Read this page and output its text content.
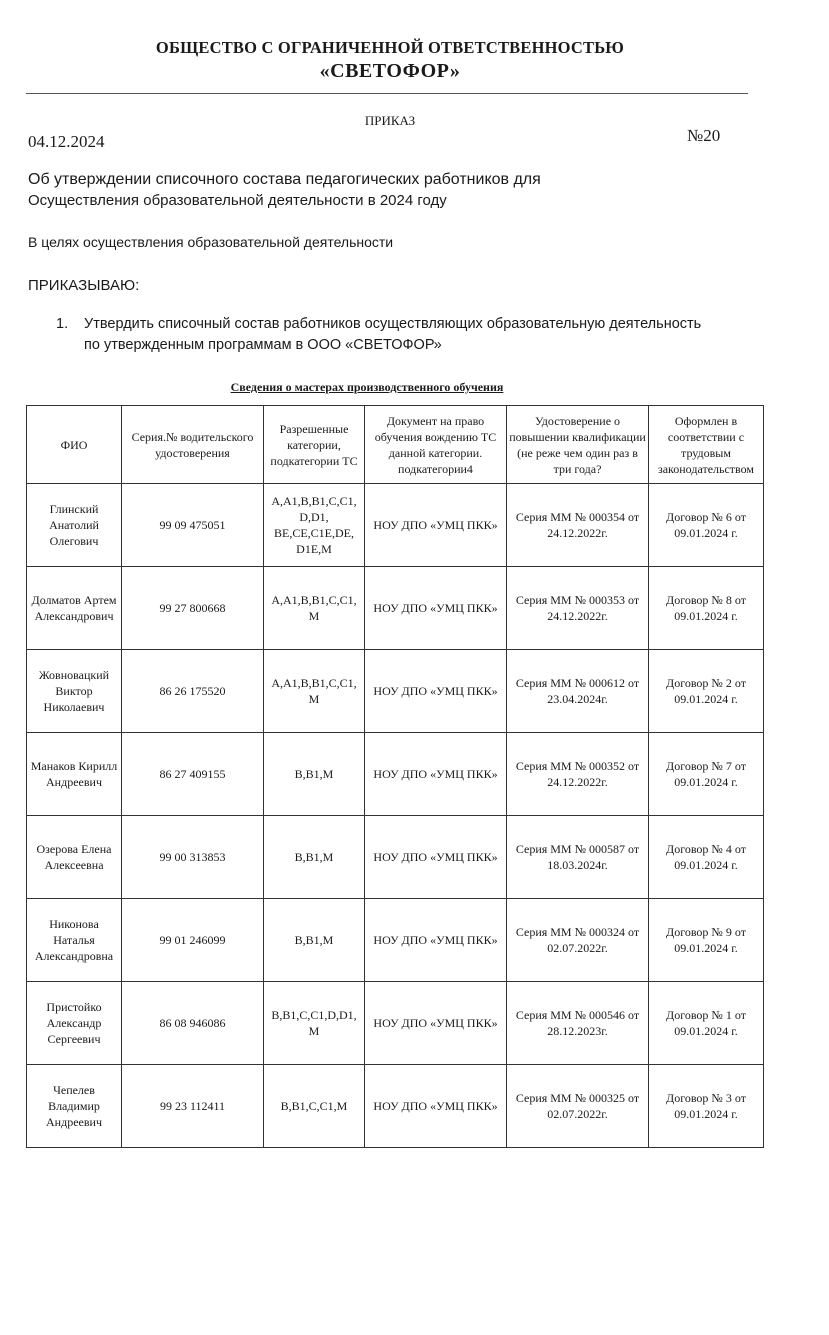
ОБЩЕСТВО С ОГРАНИЧЕННОЙ ОТВЕТСТВЕННОСТЬЮ
«СВЕТОФОР»
ПРИКАЗ
04.12.2024	№20
Об утверждении списочного состава педагогических работников для
Осуществления образовательной деятельности в 2024 году
В целях осуществления образовательной деятельности
ПРИКАЗЫВАЮ:
1. Утвердить списочный состав работников осуществляющих образовательную деятельность
по утвержденным программам в ООО «СВЕТОФОР»
Сведения о мастерах производственного обучения
ФИО	Серия.№ водительского удостоверения	Разрешенные категории, подкатегории ТС	Документ на право обучения вождению ТС данной категории. подкатегории4	Удостоверение о повышении квалификации (не реже чем один раз в три года?	Оформлен в соответствии с трудовым законодательством
Глинский Анатолий Олегович	99 09 475051	A,A1,B,B1,C,C1, D,D1, BE,CE,C1E,DE, D1E,M	НОУ ДПО «УМЦ ПКК»	Серия ММ № 000354 от 24.12.2022г.	Договор № 6 от 09.01.2024 г.
Долматов Артем Александрович	99 27 800668	A,A1,B,B1,C,C1, M	НОУ ДПО «УМЦ ПКК»	Серия ММ № 000353 от 24.12.2022г.	Договор № 8 от 09.01.2024 г.
Жовновацкий Виктор Николаевич	86 26 175520	A,A1,B,B1,C,C1, M	НОУ ДПО «УМЦ ПКК»	Серия ММ № 000612 от 23.04.2024г.	Договор № 2 от 09.01.2024 г.
Манаков Кирилл Андреевич	86 27 409155	B,B1,M	НОУ ДПО «УМЦ ПКК»	Серия ММ № 000352 от 24.12.2022г.	Договор № 7 от 09.01.2024 г.
Озерова Елена Алексеевна	99 00 313853	B,B1,M	НОУ ДПО «УМЦ ПКК»	Серия ММ № 000587 от 18.03.2024г.	Договор № 4 от 09.01.2024 г.
Никонова Наталья Александровна	99 01 246099	B,B1,M	НОУ ДПО «УМЦ ПКК»	Серия ММ № 000324 от 02.07.2022г.	Договор № 9 от 09.01.2024 г.
Пристойко Александр Сергеевич	86 08 946086	B,B1,C,C1,D,D1, M	НОУ ДПО «УМЦ ПКК»	Серия ММ № 000546 от 28.12.2023г.	Договор № 1 от 09.01.2024 г.
Чепелев Владимир Андреевич	99 23 112411	B,B1,C,C1,M	НОУ ДПО «УМЦ ПКК»	Серия ММ № 000325 от 02.07.2022г.	Договор № 3 от 09.01.2024 г.
